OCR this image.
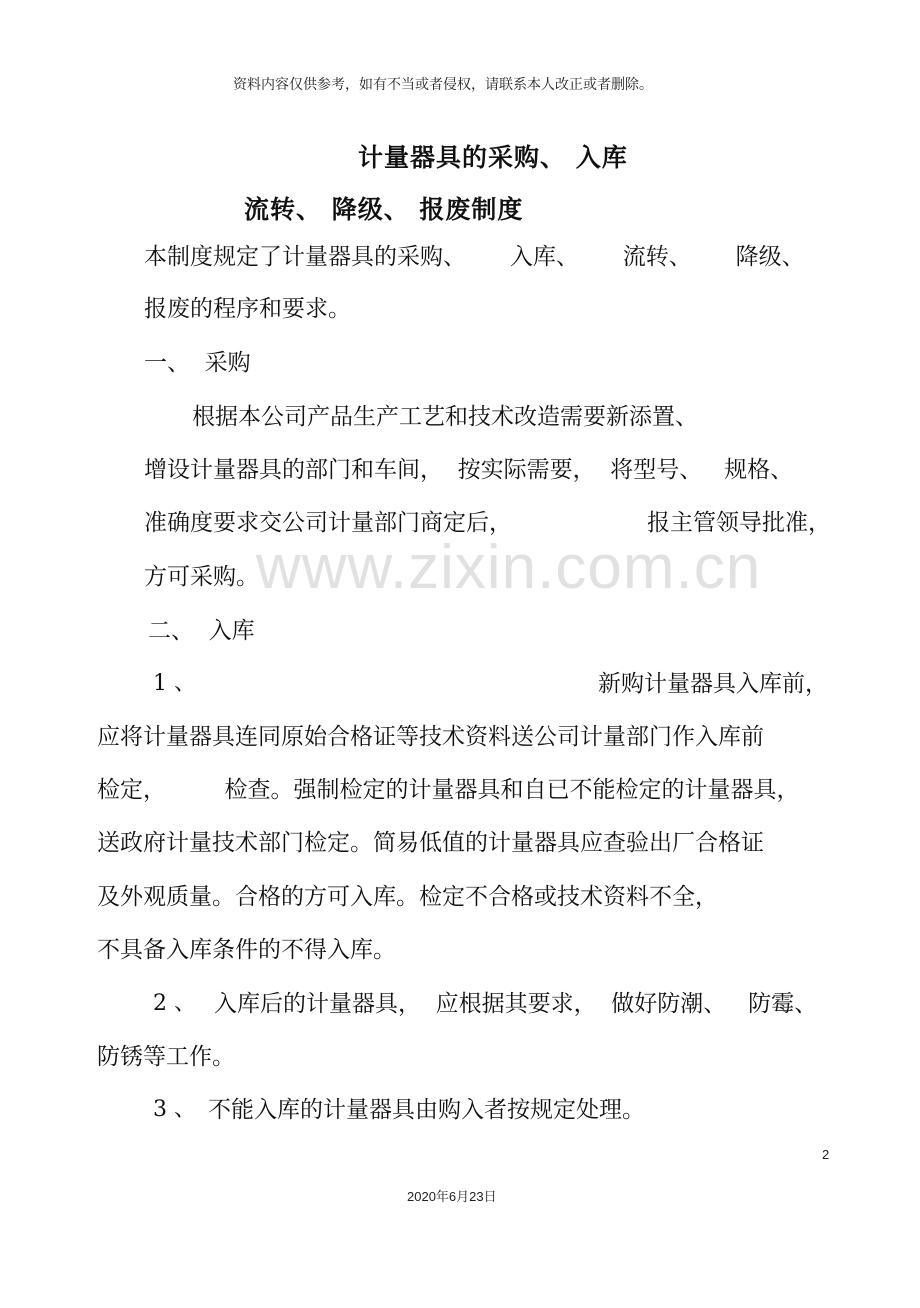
资料内容仅供参考，如有不当或者侵权，请联系本人改正或者删除。
计量器具的采购、 入库
流转、 降级、 报废制度
www.zixin.com.cn
本制度规定了计量器具的采购、      入库、      流转、      降级、
报废的程序和要求。
一、  采购
根据本公司产品生产工艺和技术改造需要新添置、
增设计量器具的部门和车间，  按实际需要，  将型号、   规格、
准确度要求交公司计量部门商定后，	报主管领导批准，
方可采购。
二、  入库
1 、	新购计量器具入库前，
应将计量器具连同原始合格证等技术资料送公司计量部门作入库前
检定，        检查。强制检定的计量器具和自已不能检定的计量器具，
送政府计量技术部门检定。简易低值的计量器具应查验出厂合格证
及外观质量。合格的方可入库。检定不合格或技术资料不全，
不具备入库条件的不得入库。
2 、 入库后的计量器具，  应根据其要求，  做好防潮、   防霉、
防锈等工作。
3 、 不能入库的计量器具由购入者按规定处理。
2
2020年6月23日
